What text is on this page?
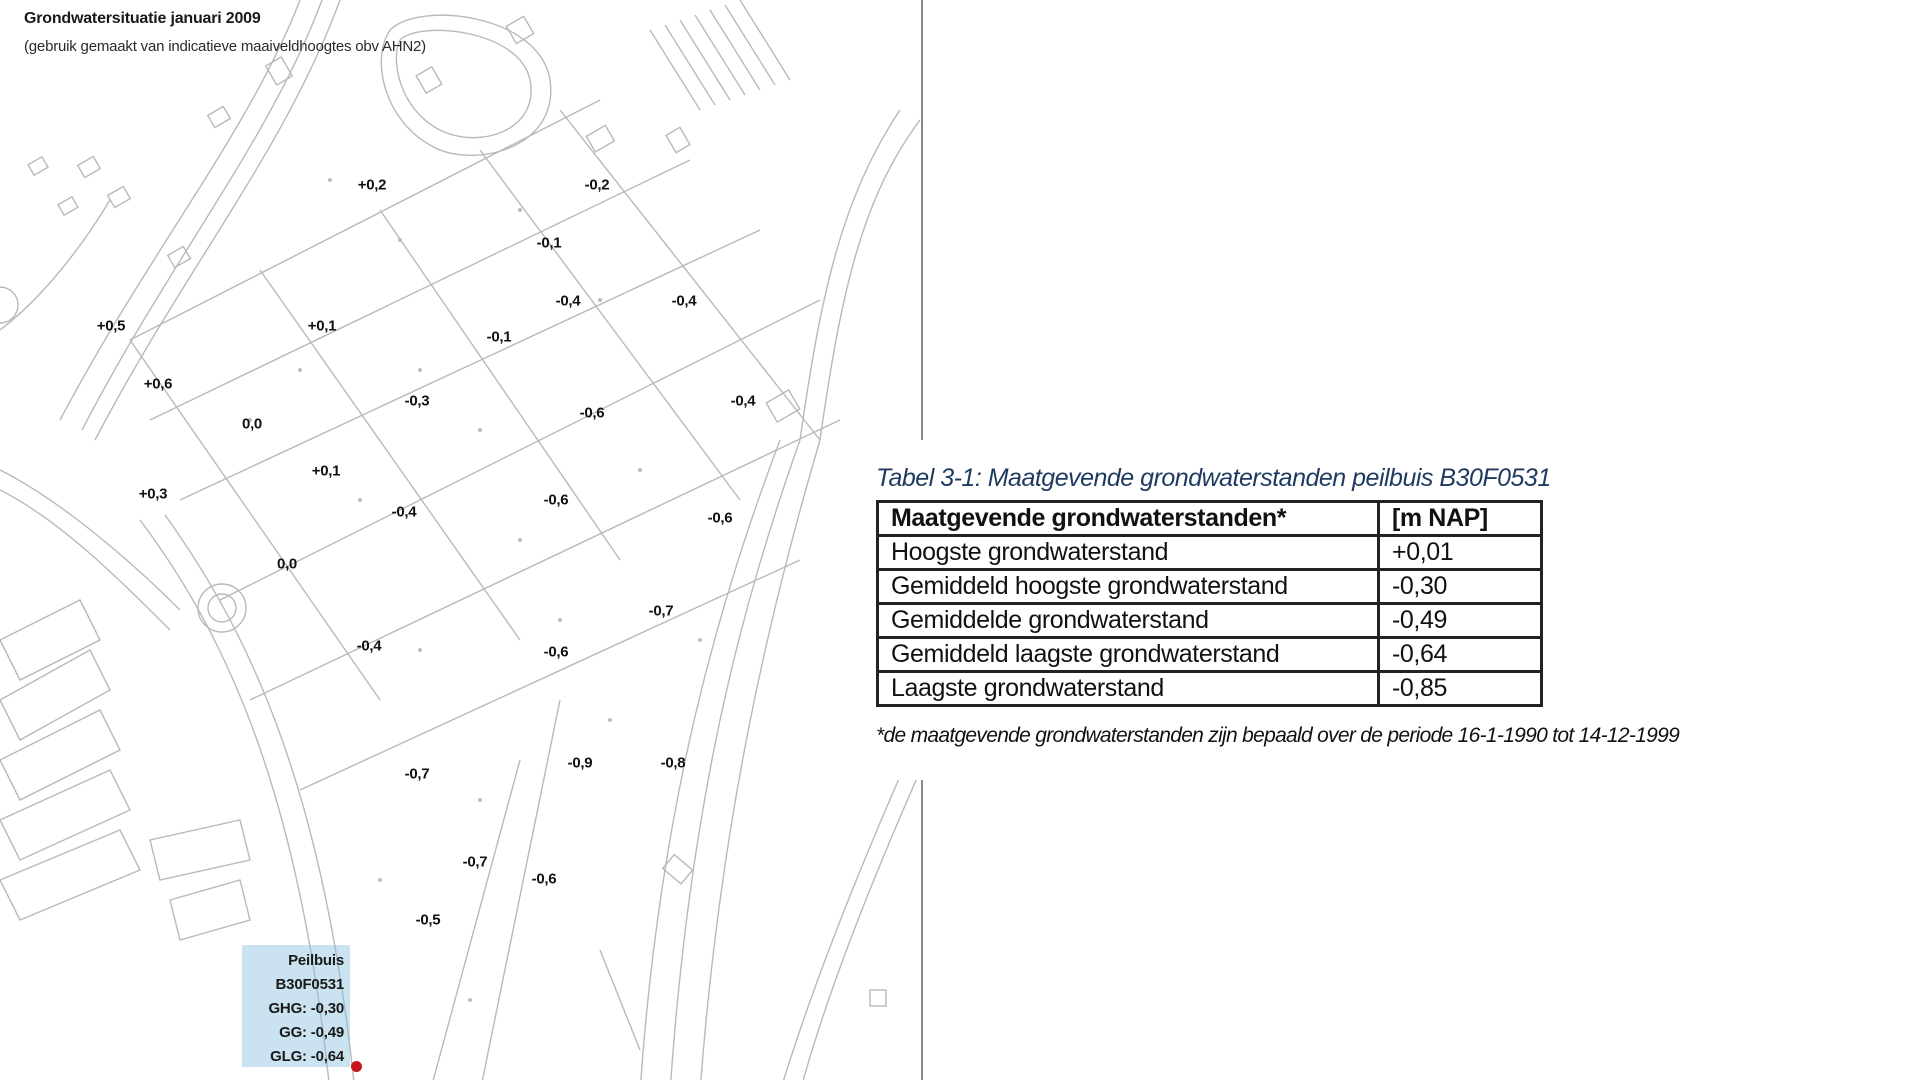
Grondwatersituatie januari 2009
(gebruik gemaakt van indicatieve maaiveldhoogtes obv AHN2)
+0,2	-0,2
-0,1
-0,4	-0,4
+0,5	+0,1
-0,1
+0,6
-0,3
-0,6
-0,4
0,0
+0,1
+0,3
-0,4
-0,6
-0,6
0,0
-0,7
-0,4	-0,6
-0,7
-0,9	-0,8
-0,7
-0,6
-0,5
Peilbuis
B30F0531
GHG: -0,30
GG: -0,49
GLG: -0,64
Tabel 3-1: Maatgevende grondwaterstanden peilbuis B30F0531
Maatgevende grondwaterstanden*	[m NAP]
Hoogste grondwaterstand	+0,01
Gemiddeld hoogste grondwaterstand	-0,30
Gemiddelde grondwaterstand	-0,49
Gemiddeld laagste grondwaterstand	-0,64
Laagste grondwaterstand	-0,85
*de maatgevende grondwaterstanden zijn bepaald over de periode 16-1-1990 tot 14-12-1999
